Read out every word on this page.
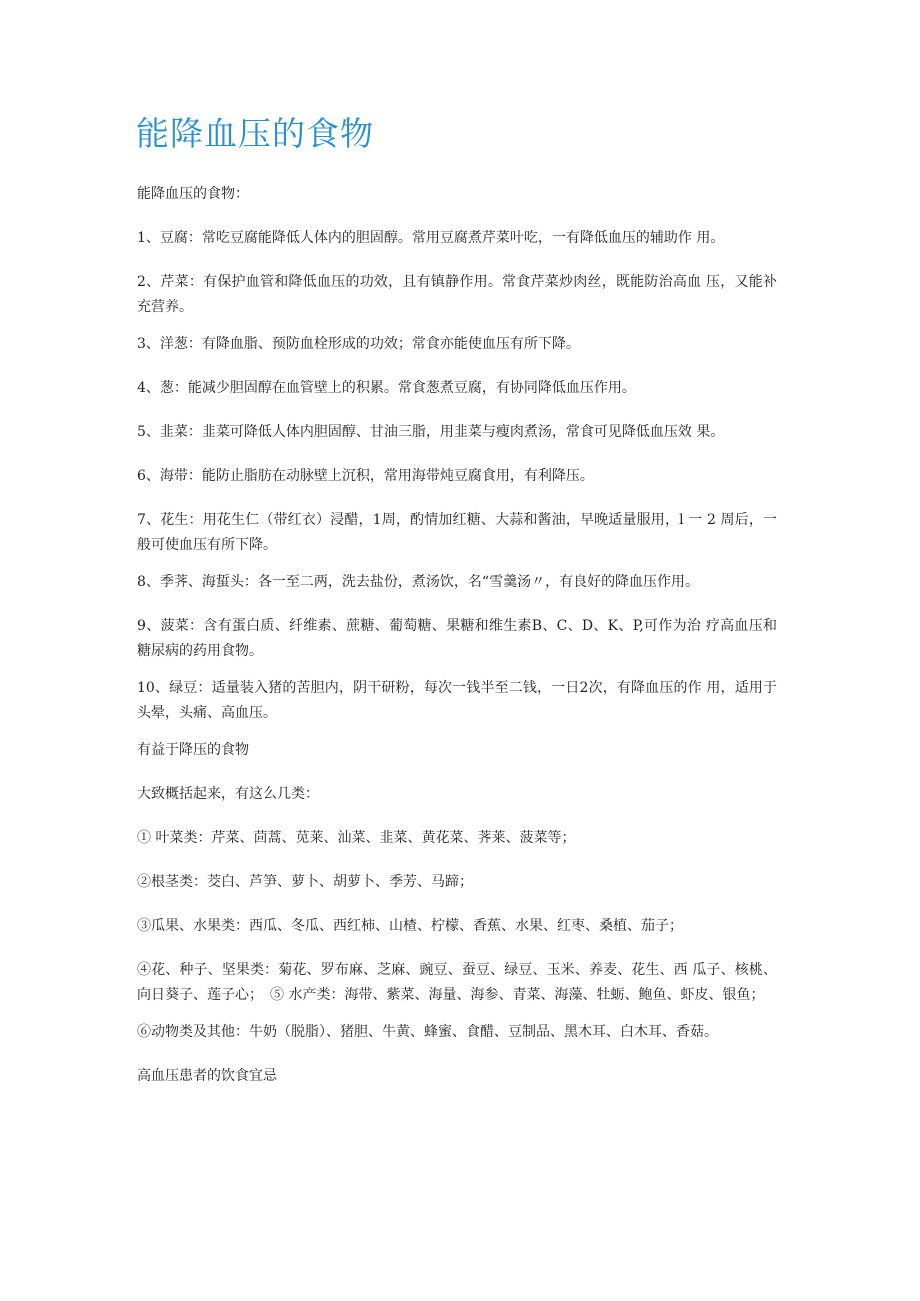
能降血压的食物

能降血压的食物：

1、豆腐：常吃豆腐能降低人体内的胆固醇。常用豆腐煮芹菜叶吃，一有降低血压的辅助作 用。

2、芹菜：有保护血管和降低血压的功效，且有镇静作用。常食芹菜炒肉丝，既能防治高血 压，又能补充营养。

3、洋葱：有降血脂、预防血栓形成的功效；常食亦能使血压有所下降。

4、葱：能减少胆固醇在血管壁上的积累。常食葱煮豆腐，有协同降低血压作用。

5、韭菜：韭菜可降低人体内胆固醇、甘油三脂，用韭菜与瘦肉煮汤，常食可见降低血压效 果。

6、海带：能防止脂肪在动脉壁上沉积，常用海带炖豆腐食用，有利降压。

7、花生：用花生仁（带红衣）浸醋，1周，酌情加红糖、大蒜和酱油，早晚适量服用，l 一 2 周后，一般可使血压有所下降。

8、季荠、海蜇头：各一至二两，洗去盐份，煮汤饮，名“雪羹汤〃，有良好的降血压作用。

9、菠菜：含有蛋白质、纤维素、蔗糖、葡萄糖、果糖和维生素B、C、D、K、P,可作为治 疗高血压和糖尿病的药用食物。

10、绿豆：适量装入猪的苦胆内，阴干研粉，每次一钱半至二钱，一日2次，有降血压的作 用，适用于头晕，头痛、高血压。

有益于降压的食物

大致概括起来，有这么几类：

① 叶菜类：芹菜、茴蒿、苋莱、汕菜、韭菜、黄花菜、荠莱、菠菜等；

②根茎类：茭白、芦笋、萝卜、胡萝卜、季芳、马蹄；

③瓜果、水果类：西瓜、冬瓜、西红柿、山楂、柠檬、香蕉、水果、红枣、桑植、茄子；

④花、种子、坚果类：菊花、罗布麻、芝麻、豌豆、蚕豆、绿豆、玉米、养麦、花生、西 瓜子、核桃、向日葵子、莲子心；　⑤ 水产类：海带、紫菜、海量、海参、青菜、海藻、牡蛎、鲍鱼、虾皮、银鱼；

⑥动物类及其他：牛奶（脱脂）、猪胆、牛黄、蜂蜜、食醋、豆制品、黑木耳、白木耳、香菇。

高血压患者的饮食宜忌
